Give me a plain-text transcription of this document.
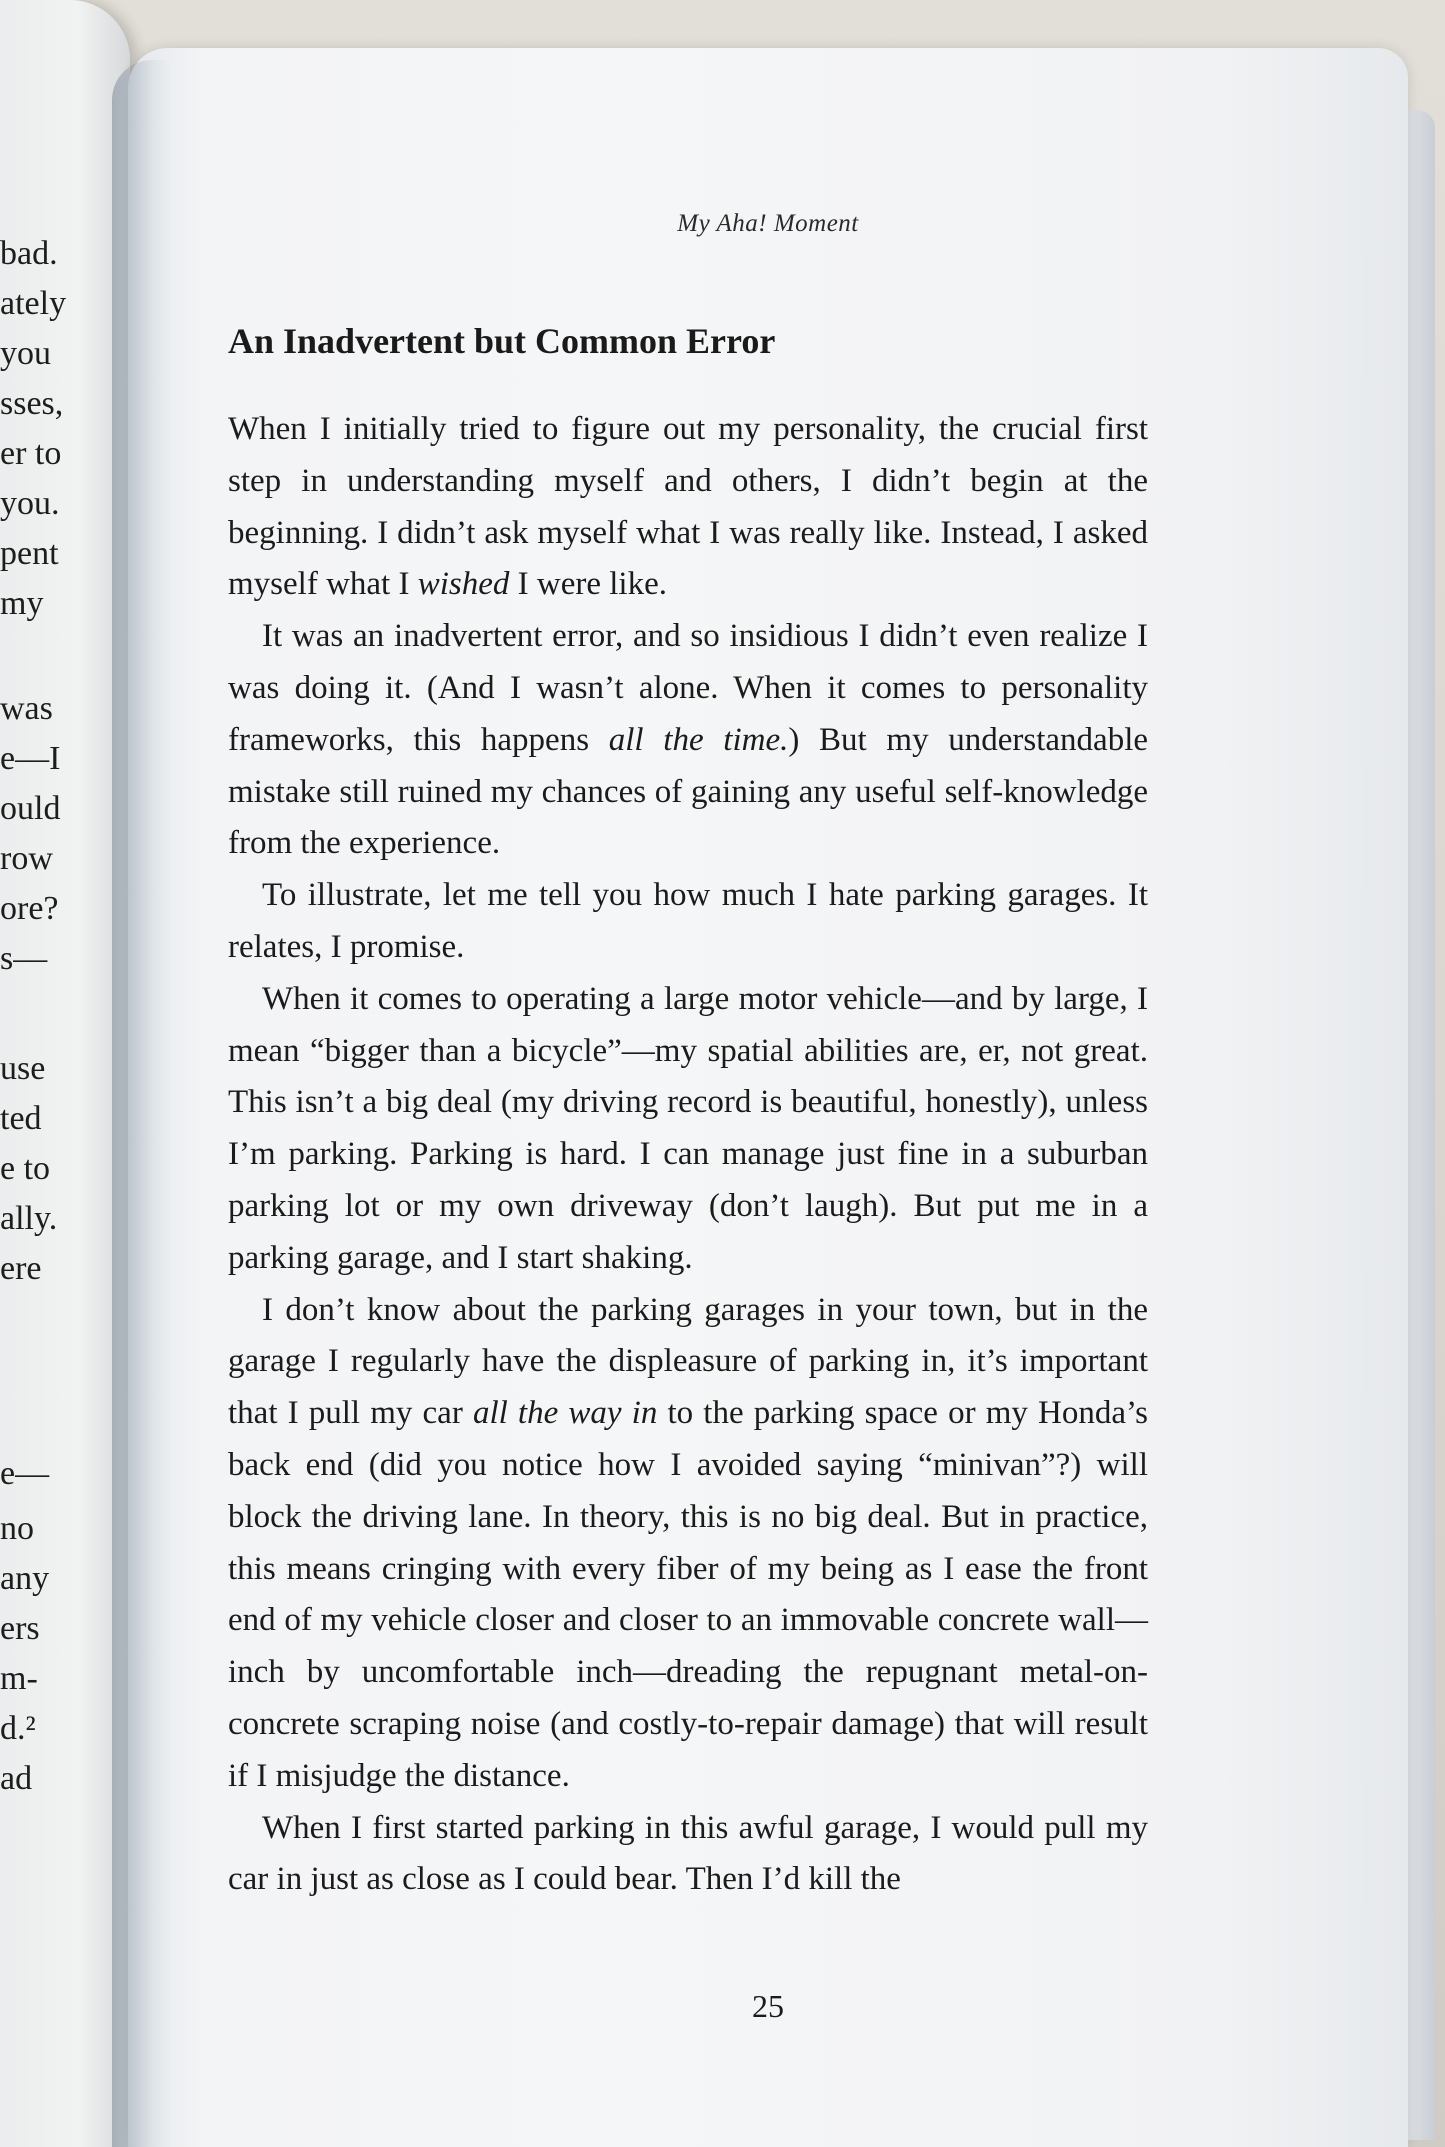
bad.
ately
you
sses,
er to
you.
pent
my
was
e—I
ould
row
ore?
s—
use
ted
e to
ally.
ere
e—
no
any
ers
m-
d.²
ad
My Aha! Moment
An Inadvertent but Common Error

When I initially tried to figure out my personality, the crucial first step in understanding myself and others, I didn’t begin at the beginning. I didn’t ask myself what I was really like. Instead, I asked myself what I wished I were like.

It was an inadvertent error, and so insidious I didn’t even realize I was doing it. (And I wasn’t alone. When it comes to personality frameworks, this happens all the time.) But my understandable mistake still ruined my chances of gaining any useful self-knowledge from the experience.

To illustrate, let me tell you how much I hate parking garages. It relates, I promise.

When it comes to operating a large motor vehicle—and by large, I mean “bigger than a bicycle”—my spatial abilities are, er, not great. This isn’t a big deal (my driving record is beautiful, honestly), unless I’m parking. Parking is hard. I can manage just fine in a suburban parking lot or my own driveway (don’t laugh). But put me in a parking garage, and I start shaking.

I don’t know about the parking garages in your town, but in the garage I regularly have the displeasure of parking in, it’s important that I pull my car all the way in to the parking space or my Honda’s back end (did you notice how I avoided saying “minivan”?) will block the driving lane. In theory, this is no big deal. But in practice, this means cringing with every fiber of my being as I ease the front end of my vehicle closer and closer to an immovable concrete wall—inch by uncomfortable inch—dreading the repugnant metal-on-concrete scraping noise (and costly-to-repair damage) that will result if I misjudge the distance.

When I first started parking in this awful garage, I would pull my car in just as close as I could bear. Then I’d kill the

25
